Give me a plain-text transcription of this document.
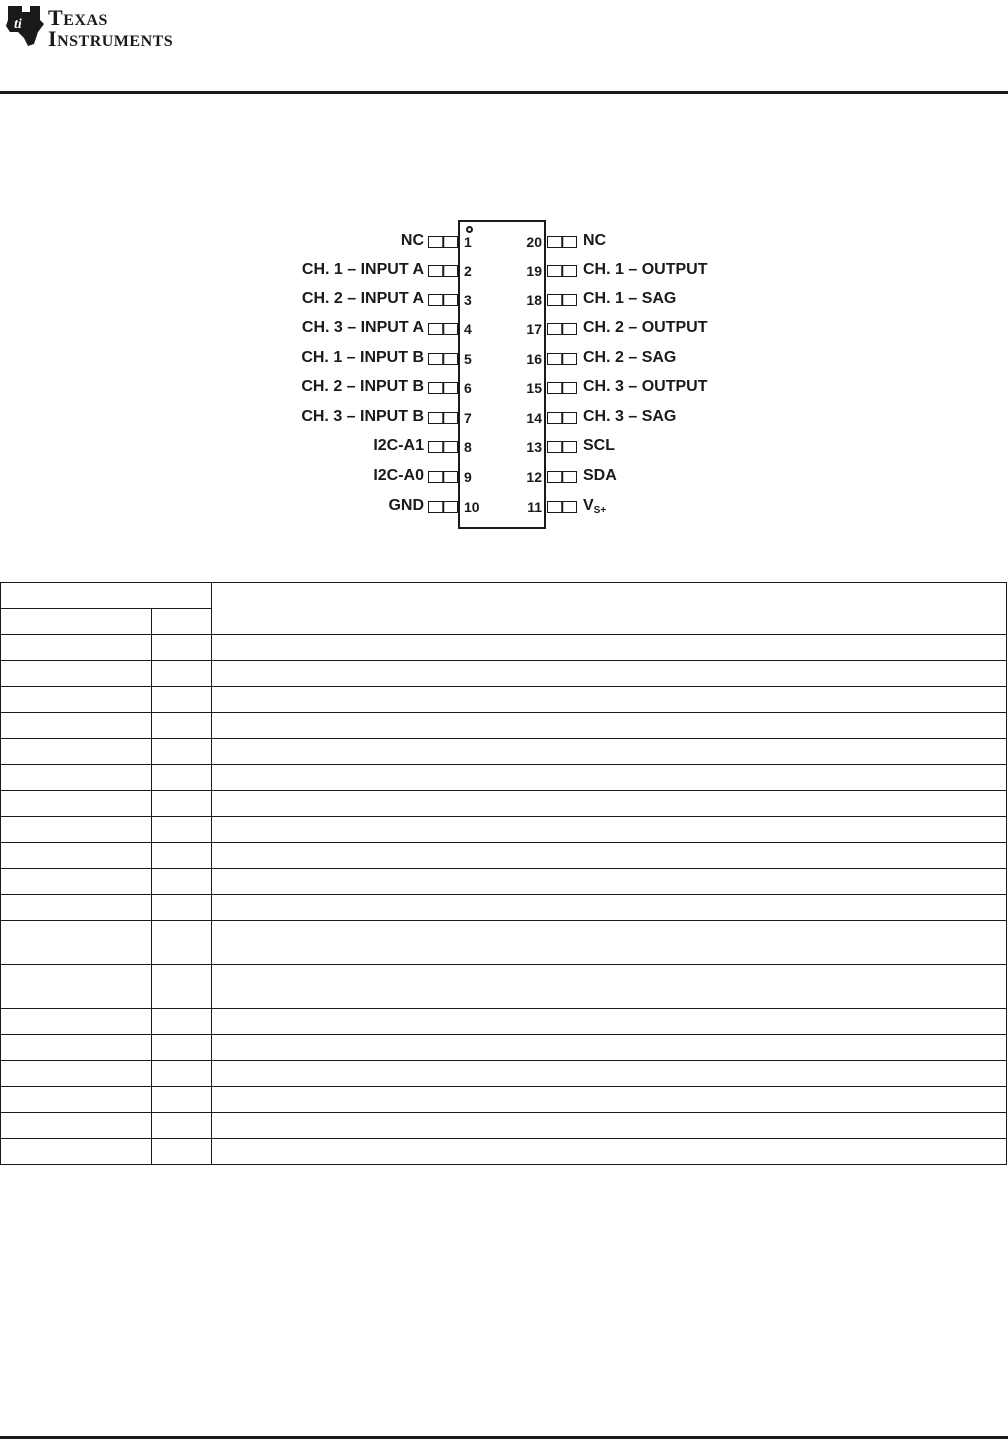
ti TEXAS
INSTRUMENTS
1
NC
2
CH. 1 – INPUT A
3
CH. 2 – INPUT A
4
CH. 3 – INPUT A
5
CH. 1 – INPUT B
6
CH. 2 – INPUT B
7
CH. 3 – INPUT B
8
I2C-A1
9
I2C-A0
10
GND
20	NC
19	CH. 1 – OUTPUT
18	CH. 1 – SAG
17	CH. 2 – OUTPUT
16	CH. 2 – SAG
15	CH. 3 – OUTPUT
14	CH. 3 – SAG
13	SCL
12	SDA
11	$V_{S+}$
